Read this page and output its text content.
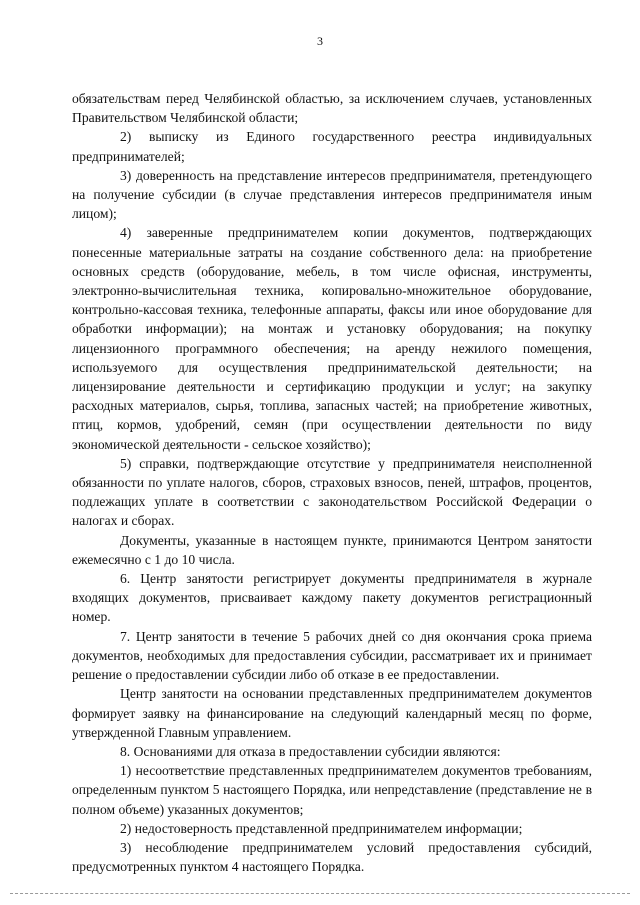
3

обязательствам перед Челябинской областью, за исключением случаев, установленных Правительством Челябинской области;

2) выписку из Единого государственного реестра индивидуальных предпринимателей;

3) доверенность на представление интересов предпринимателя, претендующего на получение субсидии (в случае представления интересов предпринимателя иным лицом);

4) заверенные предпринимателем копии документов, подтверждающих понесенные материальные затраты на создание собственного дела: на приобретение основных средств (оборудование, мебель, в том числе офисная, инструменты, электронно-вычислительная техника, копировально-множительное оборудование, контрольно-кассовая техника, телефонные аппараты, факсы или иное оборудование для обработки информации); на монтаж и установку оборудования; на покупку лицензионного программного обеспечения; на аренду нежилого помещения, используемого для осуществления предпринимательской деятельности; на лицензирование деятельности и сертификацию продукции и услуг; на закупку расходных материалов, сырья, топлива, запасных частей; на приобретение животных, птиц, кормов, удобрений, семян (при осуществлении деятельности по виду экономической деятельности - сельское хозяйство);

5) справки, подтверждающие отсутствие у предпринимателя неисполненной обязанности по уплате налогов, сборов, страховых взносов, пеней, штрафов, процентов, подлежащих уплате в соответствии с законодательством Российской Федерации о налогах и сборах.

Документы, указанные в настоящем пункте, принимаются Центром занятости ежемесячно с 1 до 10 числа.

6. Центр занятости регистрирует документы предпринимателя в журнале входящих документов, присваивает каждому пакету документов регистрационный номер.

7. Центр занятости в течение 5 рабочих дней со дня окончания срока приема документов, необходимых для предоставления субсидии, рассматривает их и принимает решение о предоставлении субсидии либо об отказе в ее предоставлении.

Центр занятости на основании представленных предпринимателем документов формирует заявку на финансирование на следующий календарный месяц по форме, утвержденной Главным управлением.

8. Основаниями для отказа в предоставлении субсидии являются:

1) несоответствие представленных предпринимателем документов требованиям, определенным пунктом 5 настоящего Порядка, или непредставление (представление не в полном объеме) указанных документов;

2) недостоверность представленной предпринимателем информации;

3) несоблюдение предпринимателем условий предоставления субсидий, предусмотренных пунктом 4 настоящего Порядка.
